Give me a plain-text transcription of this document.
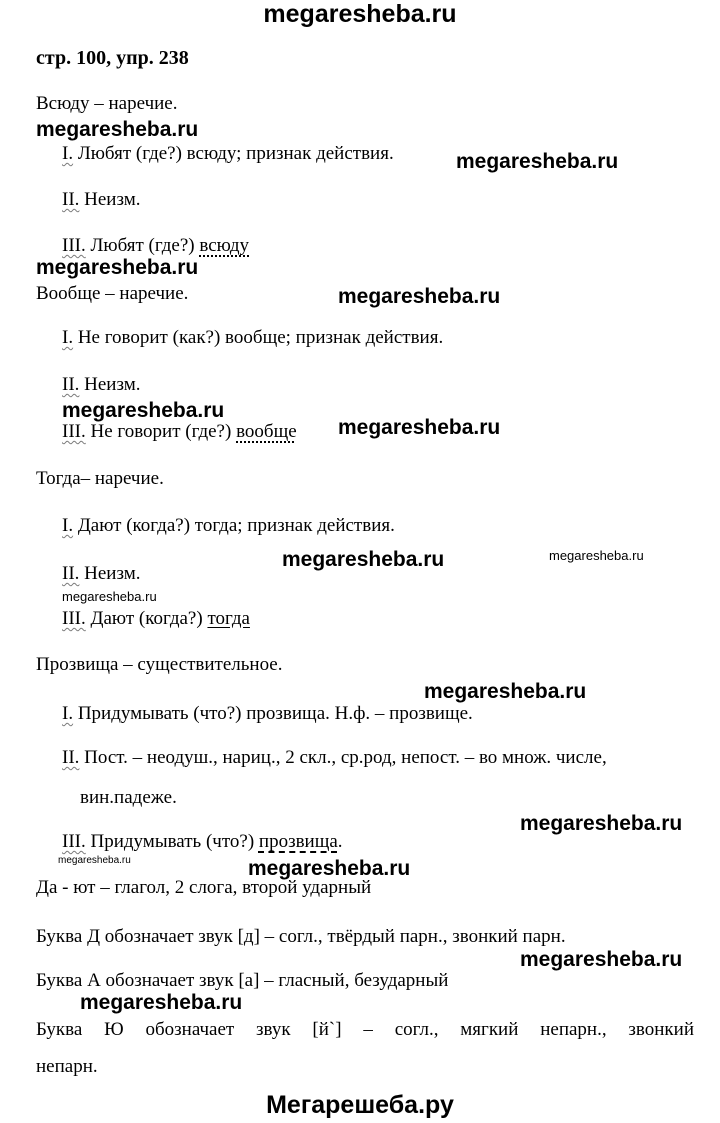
megaresheba.ru
стр. 100, упр. 238
Всюду – наречие.
megaresheba.ru
I. Любят (где?) всюду; признак действия.	megaresheba.ru
II. Неизм.
III. Любят (где?) всюду
megaresheba.ru
Вообще – наречие.	megaresheba.ru
I. Не говорит (как?) вообще; признак действия.
II. Неизм.
megaresheba.ru
III. Не говорит (где?) вообще megaresheba.ru
Тогда– наречие.
I. Дают (когда?) тогда; признак действия.
megaresheba.ru	megaresheba.ru
II. Неизм.
megaresheba.ru
III. Дают (когда?) тогда
Прозвища – существительное.
megaresheba.ru
I. Придумывать (что?) прозвища. Н.ф. – прозвище.
II. Пост. – неодуш., нариц., 2 скл., ср.род, непост. – во множ. числе,
вин.падеже.
megaresheba.ru
III. Придумывать (что?) прозвища.
megaresheba.ru	megaresheba.ru
Да - ют – глагол, 2 слога, второй ударный
Буква Д обозначает звук [д] – согл., твёрдый парн., звонкий парн.
megaresheba.ru
Буква А обозначает звук [а] – гласный, безударный
megaresheba.ru
Буква Ю обозначает звук [й`] – согл., мягкий непарн., звонкий
непарн.
Мегарешеба.ру
